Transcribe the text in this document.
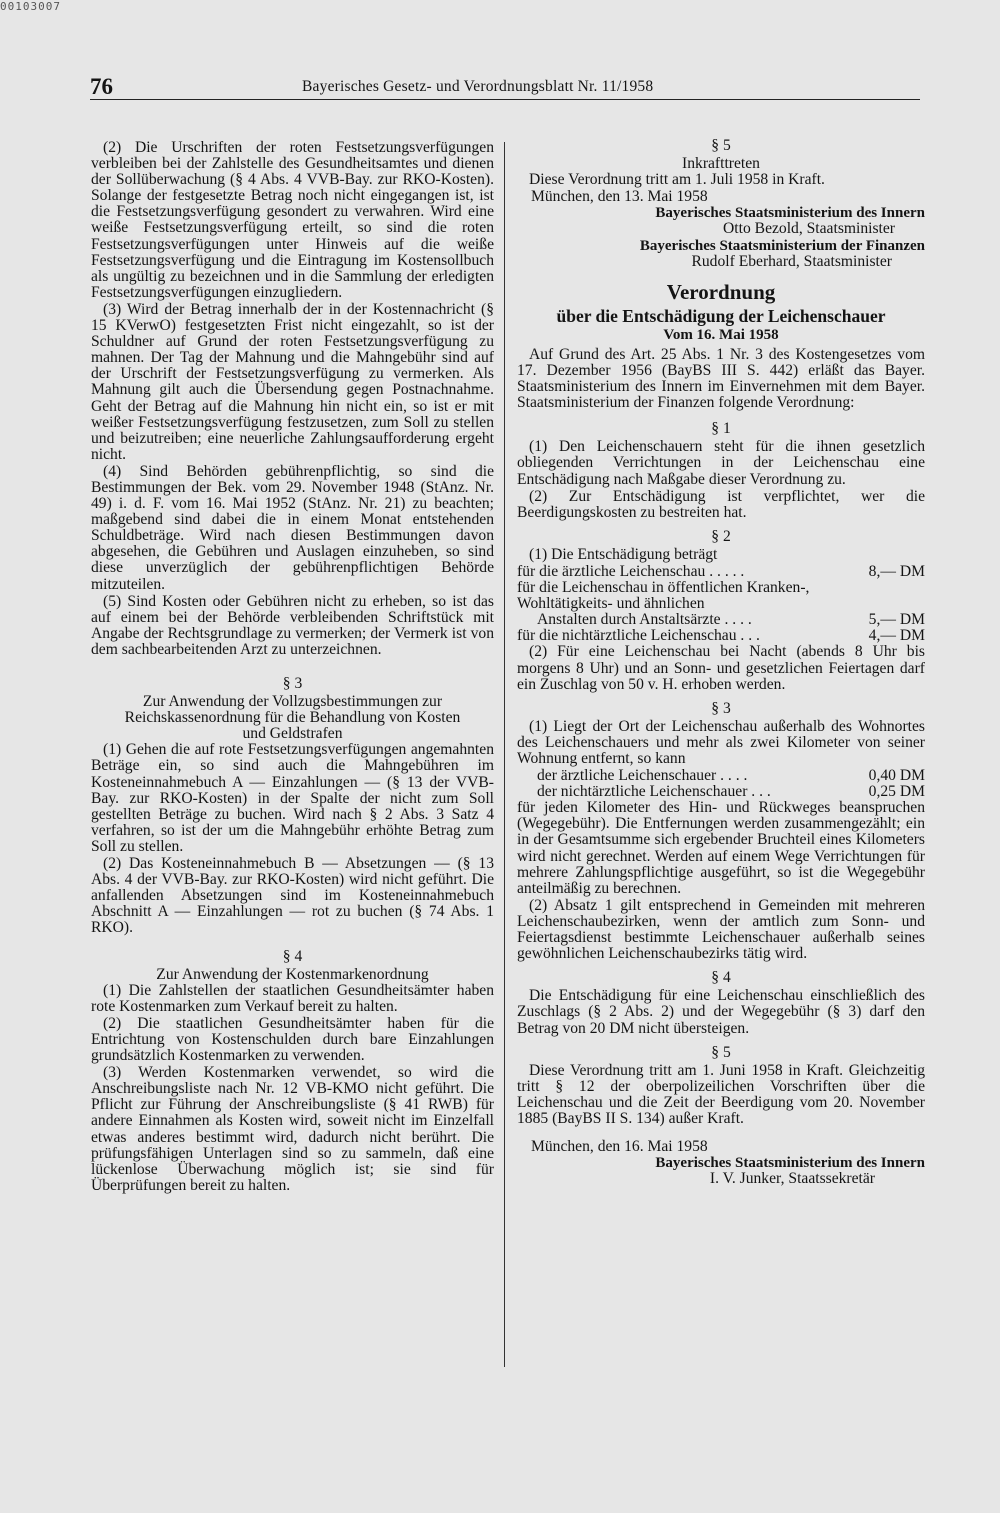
00103007
76	Bayerisches Gesetz- und Verordnungsblatt Nr. 11/1958

(2) Die Urschriften der roten Festsetzungsverfügungen verbleiben bei der Zahlstelle des Gesundheitsamtes und dienen der Sollüberwachung (§ 4 Abs. 4 VVB-Bay. zur RKO-Kosten). Solange der festgesetzte Betrag noch nicht eingegangen ist, ist die Festsetzungsverfügung gesondert zu verwahren. Wird eine weiße Festsetzungsverfügung erteilt, so sind die roten Festsetzungsverfügungen unter Hinweis auf die weiße Festsetzungsverfügung und die Eintragung im Kostensollbuch als ungültig zu bezeichnen und in die Sammlung der erledigten Festsetzungsverfügungen einzugliedern.

(3) Wird der Betrag innerhalb der in der Kostennachricht (§ 15 KVerwO) festgesetzten Frist nicht eingezahlt, so ist der Schuldner auf Grund der roten Festsetzungsverfügung zu mahnen. Der Tag der Mahnung und die Mahngebühr sind auf der Urschrift der Festsetzungsverfügung zu vermerken. Als Mahnung gilt auch die Übersendung gegen Postnachnahme. Geht der Betrag auf die Mahnung hin nicht ein, so ist er mit weißer Festsetzungsverfügung festzusetzen, zum Soll zu stellen und beizutreiben; eine neuerliche Zahlungsaufforderung ergeht nicht.

(4) Sind Behörden gebührenpflichtig, so sind die Bestimmungen der Bek. vom 29. November 1948 (StAnz. Nr. 49) i. d. F. vom 16. Mai 1952 (StAnz. Nr. 21) zu beachten; maßgebend sind dabei die in einem Monat entstehenden Schuldbeträge. Wird nach diesen Bestimmungen davon abgesehen, die Gebühren und Auslagen einzuheben, so sind diese unverzüglich der gebührenpflichtigen Behörde mitzuteilen.

(5) Sind Kosten oder Gebühren nicht zu erheben, so ist das auf einem bei der Behörde verbleibenden Schriftstück mit Angabe der Rechtsgrundlage zu vermerken; der Vermerk ist von dem sachbearbeitenden Arzt zu unterzeichnen.

§ 3

Zur Anwendung der Vollzugsbestimmungen zur Reichskassenordnung für die Behandlung von Kosten und Geldstrafen

(1) Gehen die auf rote Festsetzungsverfügungen angemahnten Beträge ein, so sind auch die Mahngebühren im Kosteneinnahmebuch A — Einzahlungen — (§ 13 der VVB-Bay. zur RKO-Kosten) in der Spalte der nicht zum Soll gestellten Beträge zu buchen. Wird nach § 2 Abs. 3 Satz 4 verfahren, so ist der um die Mahngebühr erhöhte Betrag zum Soll zu stellen.

(2) Das Kosteneinnahmebuch B — Absetzungen — (§ 13 Abs. 4 der VVB-Bay. zur RKO-Kosten) wird nicht geführt. Die anfallenden Absetzungen sind im Kosteneinnahmebuch Abschnitt A — Einzahlungen — rot zu buchen (§ 74 Abs. 1 RKO).

§ 4

Zur Anwendung der Kostenmarkenordnung

(1) Die Zahlstellen der staatlichen Gesundheitsämter haben rote Kostenmarken zum Verkauf bereit zu halten.

(2) Die staatlichen Gesundheitsämter haben für die Entrichtung von Kostenschulden durch bare Einzahlungen grundsätzlich Kostenmarken zu verwenden.

(3) Werden Kostenmarken verwendet, so wird die Anschreibungsliste nach Nr. 12 VB-KMO nicht geführt. Die Pflicht zur Führung der Anschreibungsliste (§ 41 RWB) für andere Einnahmen als Kosten wird, soweit nicht im Einzelfall etwas anderes bestimmt wird, dadurch nicht berührt. Die prüfungsfähigen Unterlagen sind so zu sammeln, daß eine lückenlose Überwachung möglich ist; sie sind für Überprüfungen bereit zu halten.

§ 5

Inkrafttreten

Diese Verordnung tritt am 1. Juli 1958 in Kraft.

München, den 13. Mai 1958

Bayerisches Staatsministerium des Innern

Otto Bezold, Staatsminister

Bayerisches Staatsministerium der Finanzen

Rudolf Eberhard, Staatsminister

Verordnung

über die Entschädigung der Leichenschauer

Vom 16. Mai 1958

Auf Grund des Art. 25 Abs. 1 Nr. 3 des Kostengesetzes vom 17. Dezember 1956 (BayBS III S. 442) erläßt das Bayer. Staatsministerium des Innern im Einvernehmen mit dem Bayer. Staatsministerium der Finanzen folgende Verordnung:

§ 1

(1) Den Leichenschauern steht für die ihnen gesetzlich obliegenden Verrichtungen in der Leichenschau eine Entschädigung nach Maßgabe dieser Verordnung zu.

(2) Zur Entschädigung ist verpflichtet, wer die Beerdigungskosten zu bestreiten hat.

§ 2

(1) Die Entschädigung beträgt

für die ärztliche Leichenschau . . . . .	8,— DM
für die Leichenschau in öffentlichen Kranken-, Wohltätigkeits- und ähnlichen
Anstalten durch Anstaltsärzte . . . .	5,— DM
für die nichtärztliche Leichenschau . . .	4,— DM

(2) Für eine Leichenschau bei Nacht (abends 8 Uhr bis morgens 8 Uhr) und an Sonn- und gesetzlichen Feiertagen darf ein Zuschlag von 50 v. H. erhoben werden.

§ 3

(1) Liegt der Ort der Leichenschau außerhalb des Wohnortes des Leichenschauers und mehr als zwei Kilometer von seiner Wohnung entfernt, so kann

der ärztliche Leichenschauer . . . .	0,40 DM
der nichtärztliche Leichenschauer . . .	0,25 DM

für jeden Kilometer des Hin- und Rückweges beanspruchen (Wegegebühr). Die Entfernungen werden zusammengezählt; ein in der Gesamtsumme sich ergebender Bruchteil eines Kilometers wird nicht gerechnet. Werden auf einem Wege Verrichtungen für mehrere Zahlungspflichtige ausgeführt, so ist die Wegegebühr anteilmäßig zu berechnen.

(2) Absatz 1 gilt entsprechend in Gemeinden mit mehreren Leichenschaubezirken, wenn der amtlich zum Sonn- und Feiertagsdienst bestimmte Leichenschauer außerhalb seines gewöhnlichen Leichenschaubezirks tätig wird.

§ 4

Die Entschädigung für eine Leichenschau einschließlich des Zuschlags (§ 2 Abs. 2) und der Wegegebühr (§ 3) darf den Betrag von 20 DM nicht übersteigen.

§ 5

Diese Verordnung tritt am 1. Juni 1958 in Kraft. Gleichzeitig tritt § 12 der oberpolizeilichen Vorschriften über die Leichenschau und die Zeit der Beerdigung vom 20. November 1885 (BayBS II S. 134) außer Kraft.

München, den 16. Mai 1958

Bayerisches Staatsministerium des Innern

I. V. Junker, Staatssekretär
